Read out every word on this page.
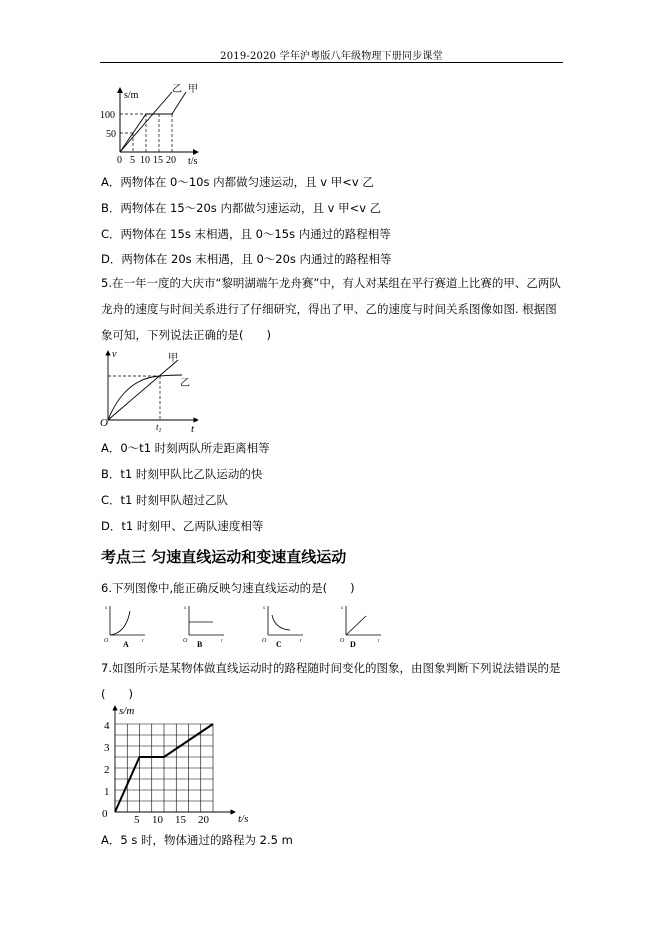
2019-2020 学年沪粤版八年级物理下册同步课堂
s/m
t/s
100
50
0 5 10 15 20
乙 甲
A．两物体在 0～10s 内都做匀速运动，且 v 甲<v 乙
B．两物体在 15～20s 内都做匀速运动，且 v 甲<v 乙
C．两物体在 15s 末相遇，且 0～15s 内通过的路程相等
D．两物体在 20s 末相遇，且 0～20s 内通过的路程相等
5.在一年一度的大庆市“黎明湖端午龙舟赛”中，有人对某组在平行赛道上比赛的甲、乙两队
龙舟的速度与时间关系进行了仔细研究，得出了甲、乙的速度与时间关系图像如图. 根据图
象可知，下列说法正确的是(　　)
v
t
O	$t_1$
甲
乙
A．0～t1 时刻两队所走距离相等
B．t1 时刻甲队比乙队运动的快
C．t1 时刻甲队超过乙队
D．t1 时刻甲、乙两队速度相等
考点三 匀速直线运动和变速直线运动
6.下列图像中,能正确反映匀速直线运动的是(　　)
s
t
O A
s
t
O B
s
t
O C
s
t
O D
7.如图所示是某物体做直线运动时的路程随时间变化的图象，由图象判断下列说法错误的是
(　　)
s/m
t/s
0
1
2
3
4
5 10 15 20
A．5 s 时，物体通过的路程为 2.5 m
